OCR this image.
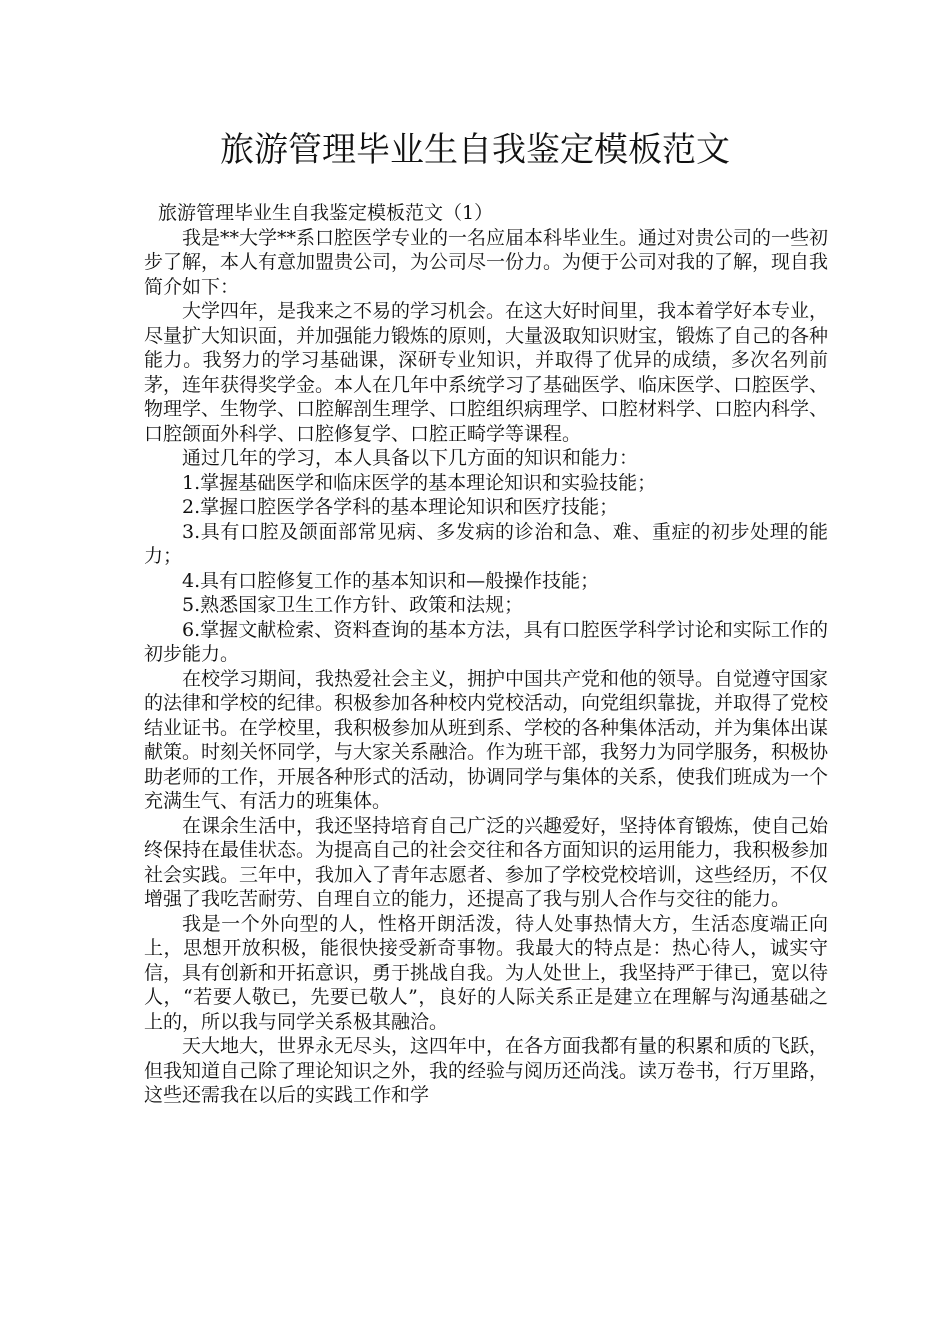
旅游管理毕业生自我鉴定模板范文

旅游管理毕业生自我鉴定模板范文（1）

我是**大学**系口腔医学专业的一名应届本科毕业生。通过对贵公司的一些初步了解，本人有意加盟贵公司，为公司尽一份力。为便于公司对我的了解，现自我简介如下：

大学四年，是我来之不易的学习机会。在这大好时间里，我本着学好本专业，尽量扩大知识面，并加强能力锻炼的原则，大量汲取知识财宝，锻炼了自己的各种能力。我努力的学习基础课，深研专业知识，并取得了优异的成绩，多次名列前茅，连年获得奖学金。本人在几年中系统学习了基础医学、临床医学、口腔医学、物理学、生物学、口腔解剖生理学、口腔组织病理学、口腔材料学、口腔内科学、口腔颌面外科学、口腔修复学、口腔正畸学等课程。

通过几年的学习，本人具备以下几方面的知识和能力：

1.掌握基础医学和临床医学的基本理论知识和实验技能；

2.掌握口腔医学各学科的基本理论知识和医疗技能；

3.具有口腔及颌面部常见病、多发病的诊治和急、难、重症的初步处理的能力；

4.具有口腔修复工作的基本知识和—般操作技能；

5.熟悉国家卫生工作方针、政策和法规；

6.掌握文献检索、资料查询的基本方法，具有口腔医学科学讨论和实际工作的初步能力。

在校学习期间，我热爱社会主义，拥护中国共产党和他的领导。自觉遵守国家的法律和学校的纪律。积极参加各种校内党校活动，向党组织靠拢，并取得了党校结业证书。在学校里，我积极参加从班到系、学校的各种集体活动，并为集体出谋献策。时刻关怀同学，与大家关系融洽。作为班干部，我努力为同学服务，积极协助老师的工作，开展各种形式的活动，协调同学与集体的关系，使我们班成为一个充满生气、有活力的班集体。

在课余生活中，我还坚持培育自己广泛的兴趣爱好，坚持体育锻炼，使自己始终保持在最佳状态。为提高自己的社会交往和各方面知识的运用能力，我积极参加社会实践。三年中，我加入了青年志愿者、参加了学校党校培训，这些经历，不仅增强了我吃苦耐劳、自理自立的能力，还提高了我与别人合作与交往的能力。

我是一个外向型的人，性格开朗活泼，待人处事热情大方，生活态度端正向上，思想开放积极，能很快接受新奇事物。我最大的特点是：热心待人，诚实守信，具有创新和开拓意识，勇于挑战自我。为人处世上，我坚持严于律已，宽以待人，“若要人敬已，先要已敬人”，良好的人际关系正是建立在理解与沟通基础之上的，所以我与同学关系极其融洽。

天大地大，世界永无尽头，这四年中，在各方面我都有量的积累和质的飞跃，但我知道自己除了理论知识之外，我的经验与阅历还尚浅。读万卷书，行万里路，这些还需我在以后的实践工作和学
